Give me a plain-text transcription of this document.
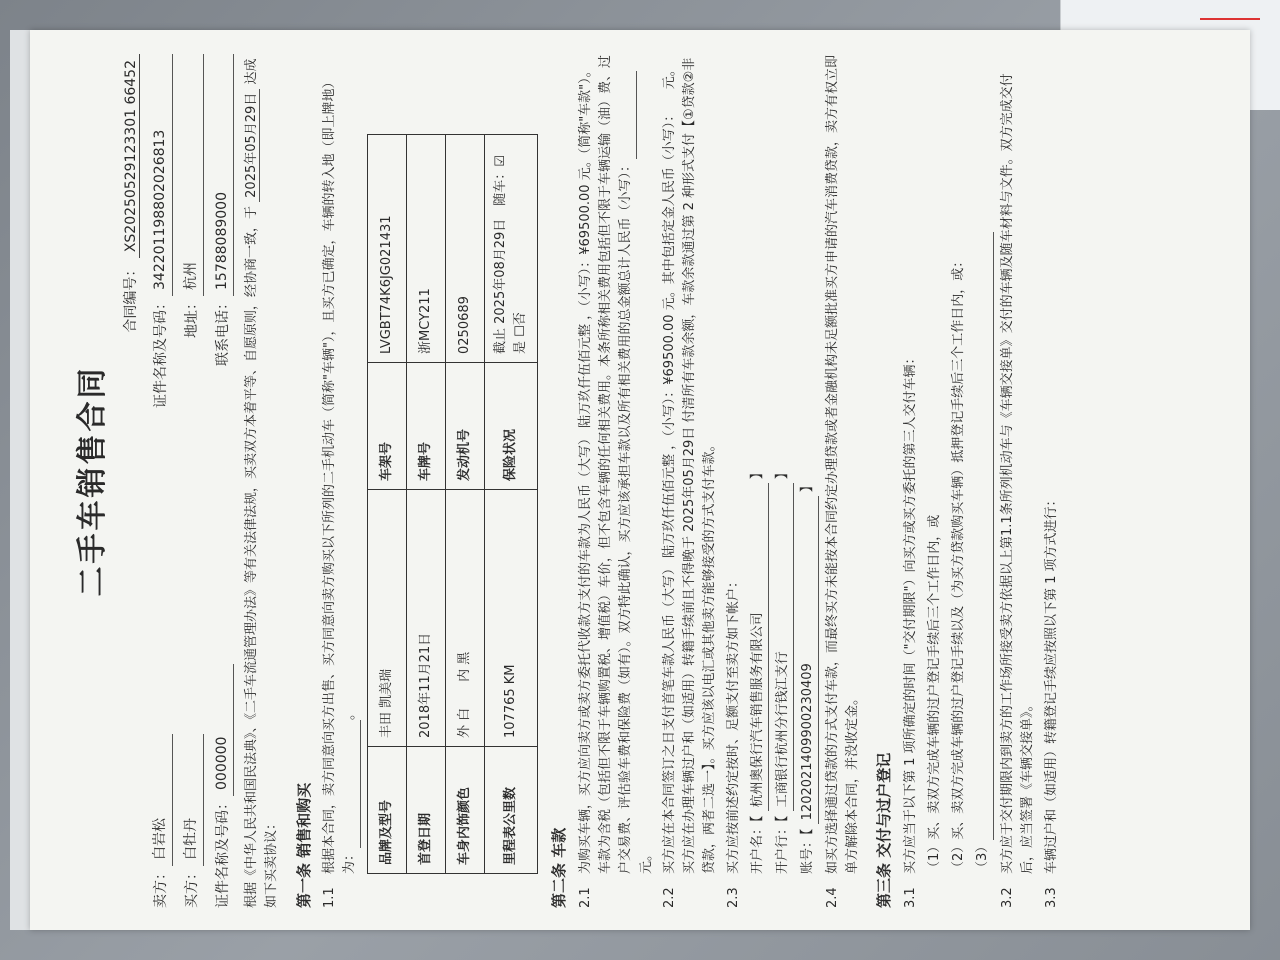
二手车销售合同
合同编号： XS20250529123301 66452
卖方：
白岩松
证件名称及号码：
342201198802026813
买方：
白牡丹
地址：
杭州
证件名称及号码：
000000
联系电话：
15788089000	根据《中华人民共和国民法典》、《二手车流通管理办法》等有关法律法规，买卖双方本着平等、自愿原则，经协商一致，于 2025年05月29日 达成如下买卖协议： 第一条 销售和购买 1.1
根据本合同，卖方同意向买方出售、买方同意向卖方购买以下所列的二手机动车（简称"车辆"），且买方已确定，车辆的转入地（即上牌地）为： 。
品牌及型号	丰田 凯美瑞	车架号	LVGBT74K6JG021431
首登日期	2018年11月21日	车牌号	浙MCY211
车身内饰颜色	外 白　　内 黑	发动机号	0250689
里程表公里数	107765 KM	保险状况	截止 2025年08月29日　随车：☑是 ☐否
第二条 车款 2.1
为购买车辆，买方应向卖方或卖方委托代收款方支付的车款为人民币（大写） 陆万玖仟伍佰元整 ，（小写）：¥69500.00 元。（简称"车款"）。车款为含税（包括但不限于车辆购置税、增值税）车价，但不包含车辆的任何相关费用。本条所称相关费用包括但不限于车辆运输（油）费、过户交易费、评估验车费和保险费（如有）。双方特此确认，买方应该承担车款以及所有相关费用的总金额总计人民币（小写）： 元。
2.2
买方应在本合同签订之日支付首笔车款人民币（大写） 陆万玖仟伍佰元整 ，（小写）：¥69500.00 元。其中包括定金人民币（小写）：　　元。买方应在办理车辆过户和（如适用）转籍手续前且不得晚于 2025年05月29日 付清所有车款余额，车款余款通过第 2 种形式支付【①贷款②非贷款，两者二选一】。买方应该以电汇或其他卖方能够接受的方式支付车款。
2.3
买方应按前述约定按时、足额支付至卖方如下帐户： 开户名：【 杭州奥保行汽车销售服务有限公司 】
开户行：【 工商银行杭州分行钱江支行 】
账号：【 1202021409900230409 】
2.4
如买方选择通过贷款的方式支付车款，而最终买方未能按本合同约定办理贷款或者金融机构未足额批准买方申请的汽车消费贷款，卖方有权立即单方解除本合同，并没收定金。 第三条 交付与过户登记 3.1
买方应当于以下第 1 项所确定的时间（"交付期限"）向买方或买方委托的第三人交付车辆： （1）买、卖双方完成车辆的过户登记手续后三个工作日内，或 （2）买、卖双方完成车辆的过户登记手续以及（为买方贷款购买车辆）抵押登记手续后三个工作日内，或： （3）
3.2
买方应于交付期限内到卖方的工作场所接受卖方依据以上第1.1条所列机动车与《车辆交接单》交付的车辆及随车材料与文件。双方完成交付后，应当签署《车辆交接单》。
3.3
车辆过户和（如适用）转籍登记手续应按照以下第 1 项方式进行：
